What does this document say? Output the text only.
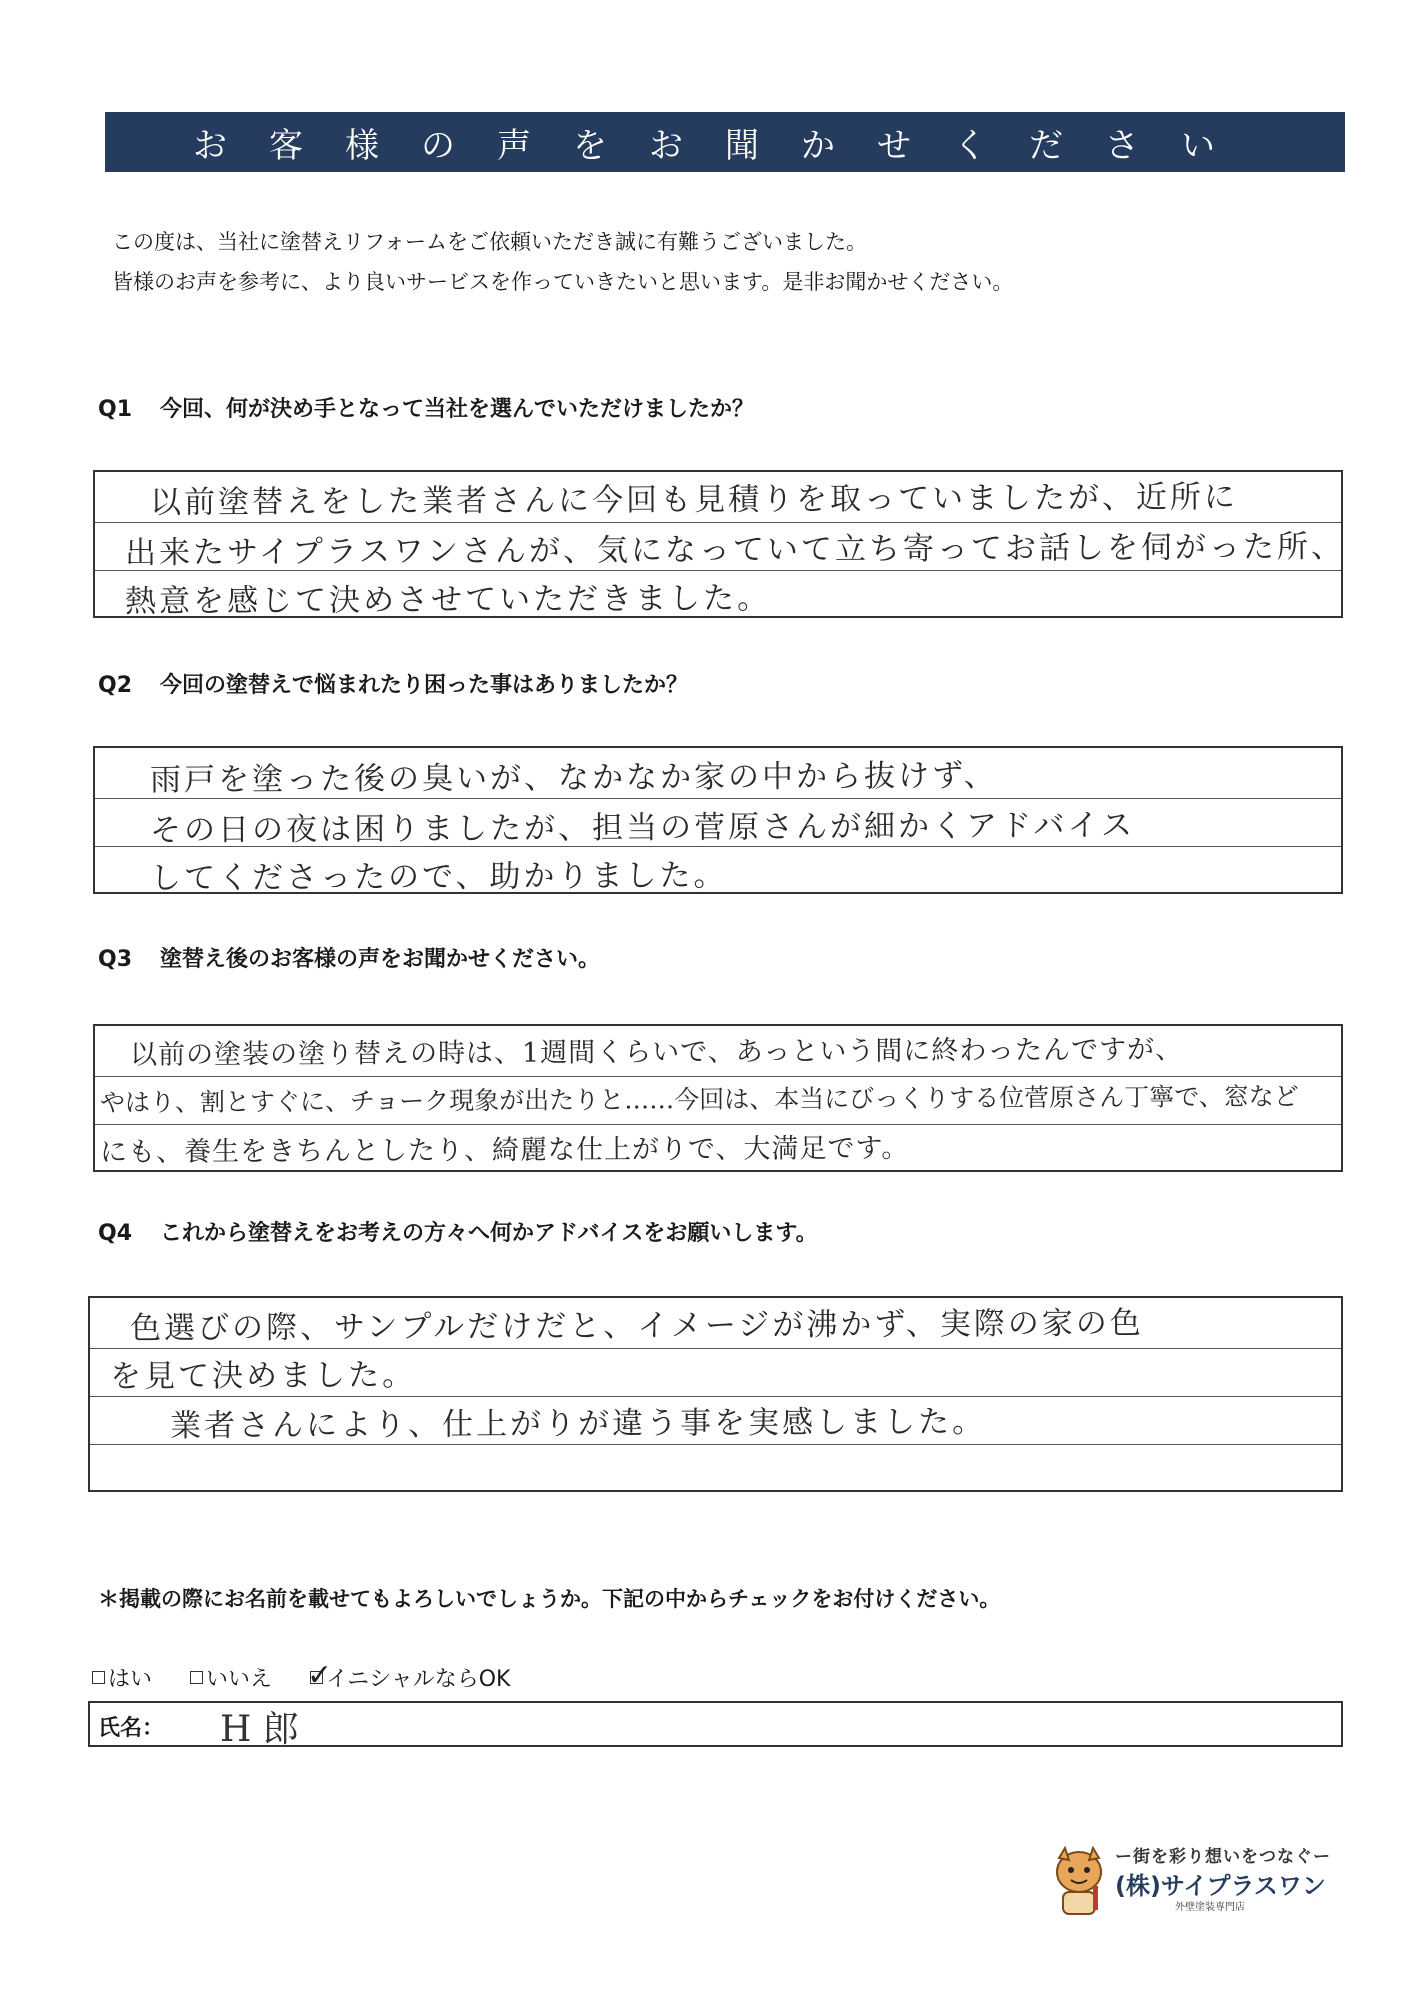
お客様の声をお聞かせください
この度は、当社に塗替えリフォームをご依頼いただき誠に有難うございました。
皆様のお声を参考に、より良いサービスを作っていきたいと思います。是非お聞かせください。
Q1 今回、何が決め手となって当社を選んでいただけましたか？
以前塗替えをした業者さんに今回も見積りを取っていましたが、近所に
出来たサイプラスワンさんが、気になっていて立ち寄ってお話しを伺がった所、
熱意を感じて決めさせていただきました。
Q2 今回の塗替えで悩まれたり困った事はありましたか？
雨戸を塗った後の臭いが、なかなか家の中から抜けず、
その日の夜は困りましたが、担当の菅原さんが細かくアドバイス
してくださったので、助かりました。
Q3 塗替え後のお客様の声をお聞かせください。
以前の塗装の塗り替えの時は、1週間くらいで、あっという間に終わったんですが、
やはり、割とすぐに、チョーク現象が出たりと……今回は、本当にびっくりする位菅原さん丁寧で、窓など
にも、養生をきちんとしたり、綺麗な仕上がりで、大満足です。
Q4 これから塗替えをお考えの方々へ何かアドバイスをお願いします。
色選びの際、サンプルだけだと、イメージが沸かず、実際の家の色
を見て決めました。
業者さんにより、仕上がりが違う事を実感しました。
＊掲載の際にお名前を載せてもよろしいでしょうか。下記の中からチェックをお付けください。
はい いいえ ✓
イニシャルならOK
氏名： H 郎
ー街を彩り想いをつなぐー
(株)サイプラスワン
外壁塗装専門店
